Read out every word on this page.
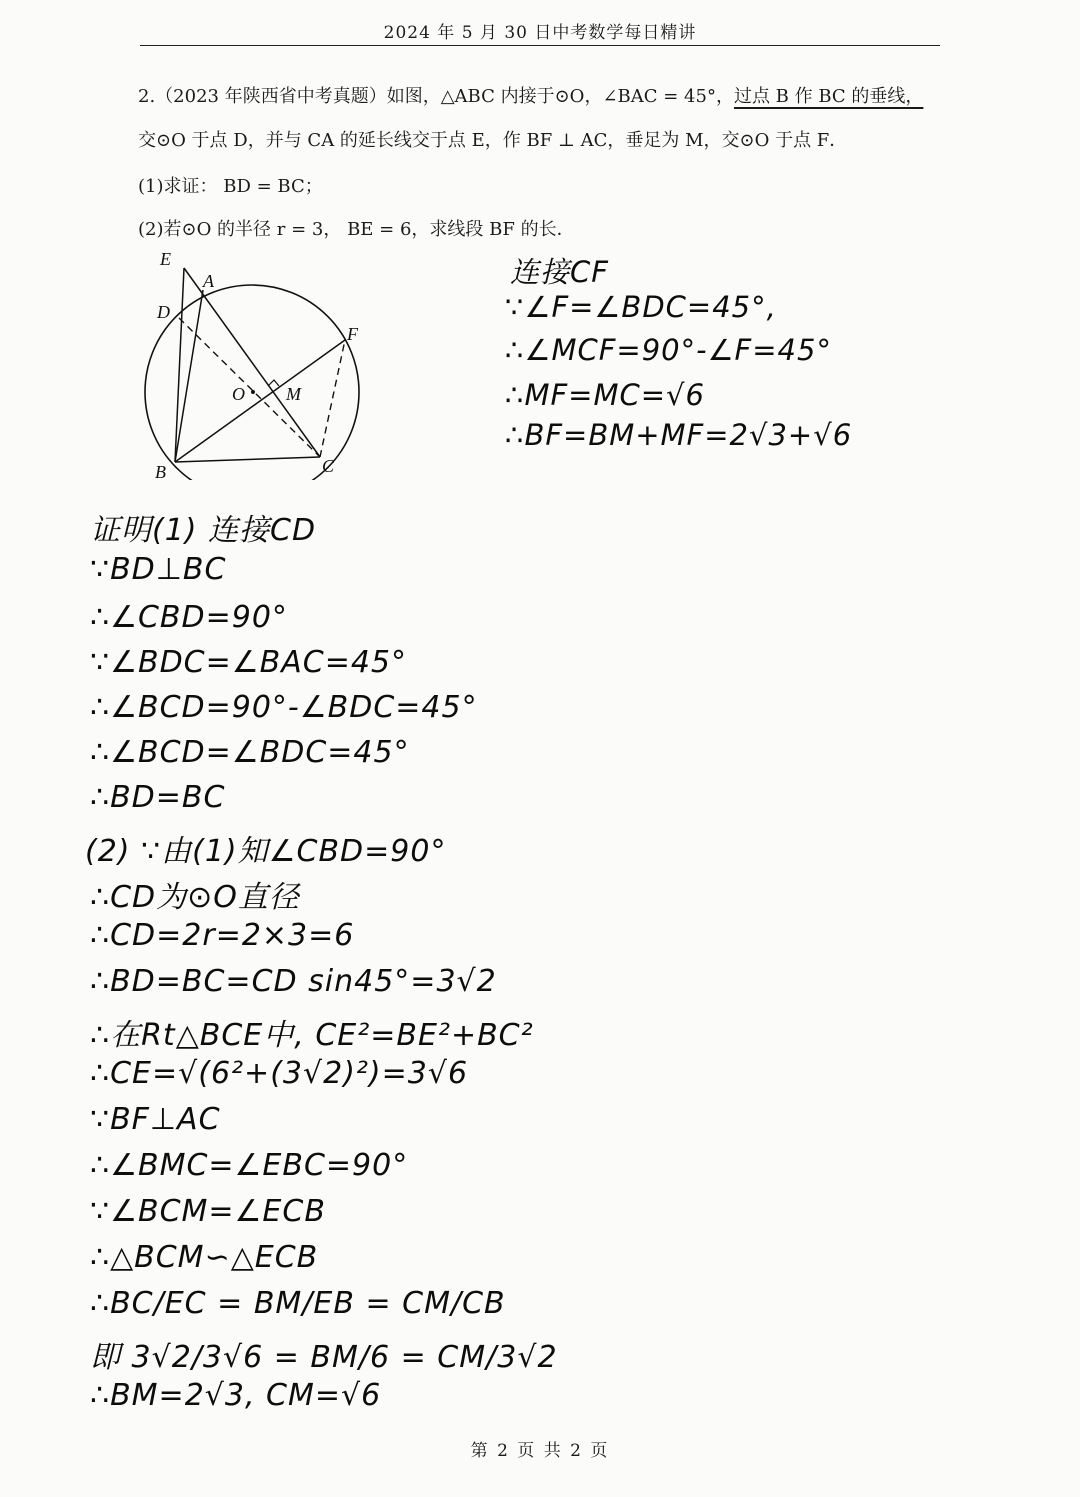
2024 年 5 月 30 日中考数学每日精讲
2.（2023 年陕西省中考真题）如图，△ABC 内接于⊙O，∠BAC = 45°，过点 B 作 BC 的垂线，
交⊙O 于点 D，并与 CA 的延长线交于点 E，作 BF ⊥ AC，垂足为 M，交⊙O 于点 F．
(1)求证： BD = BC；
(2)若⊙O 的半径 r = 3， BE = 6，求线段 BF 的长．
E
A
D
F
O M
B	C
连接CF
∵∠F=∠BDC=45°,
∴∠MCF=90°-∠F=45°
∴MF=MC=√6
∴BF=BM+MF=2√3+√6
证明(1) 连接CD
∵BD⊥BC
∴∠CBD=90°
∵∠BDC=∠BAC=45°
∴∠BCD=90°-∠BDC=45°
∴∠BCD=∠BDC=45°
∴BD=BC
(2) ∵由(1)知∠CBD=90°
∴CD为⊙O直径
∴CD=2r=2×3=6
∴BD=BC=CD sin45°=3√2
∴在Rt△BCE中, CE²=BE²+BC²
∴CE=√(6²+(3√2)²)=3√6
∵BF⊥AC
∴∠BMC=∠EBC=90°
∵∠BCM=∠ECB
∴△BCM∽△ECB
∴BC/EC = BM/EB = CM/CB
即 3√2/3√6 = BM/6 = CM/3√2
∴BM=2√3, CM=√6
第 2 页 共 2 页
